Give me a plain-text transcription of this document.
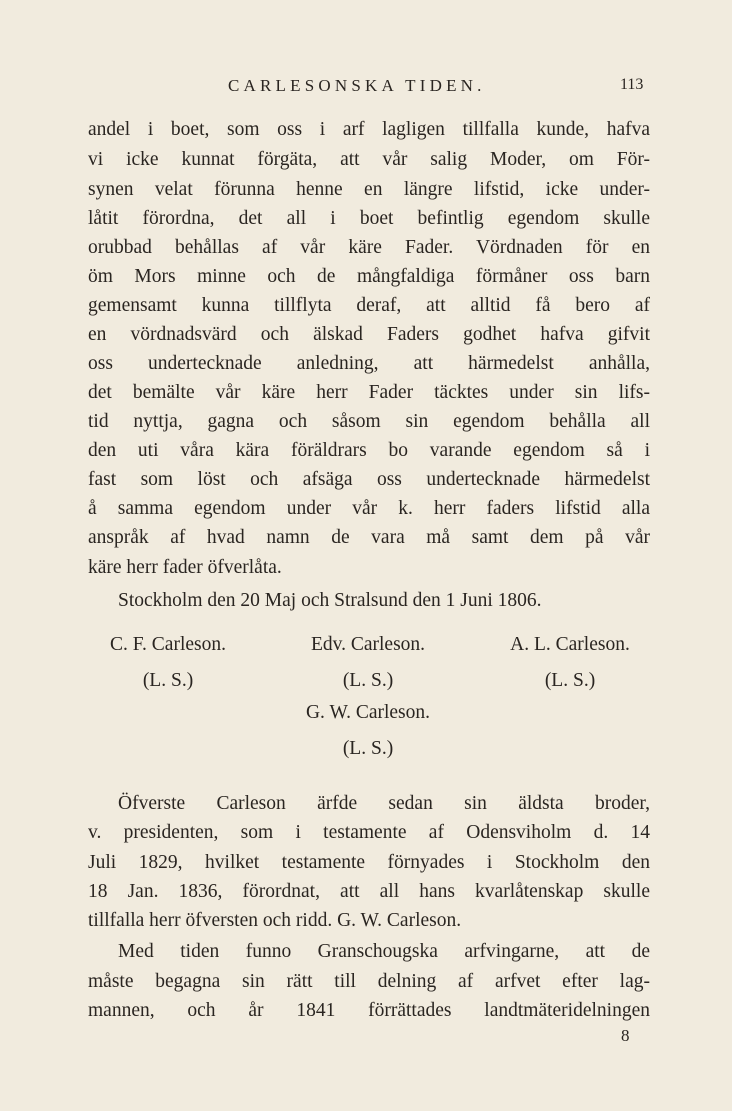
CARLESONSKA TIDEN.	113
andel i boet, som oss i arf lagligen tillfalla kunde, hafva
vi icke kunnat förgäta, att vår salig Moder, om För-
synen velat förunna henne en längre lifstid, icke under-
låtit förordna, det all i boet befintlig egendom skulle
orubbad behållas af vår käre Fader. Vördnaden för en
öm Mors minne och de mångfaldiga förmåner oss barn
gemensamt kunna tillflyta deraf, att alltid få bero af
en vördnadsvärd och älskad Faders godhet hafva gifvit
oss undertecknade anledning, att härmedelst anhålla,
det bemälte vår käre herr Fader täcktes under sin lifs-
tid nyttja, gagna och såsom sin egendom behålla all
den uti våra kära föräldrars bo varande egendom så i
fast som löst och afsäga oss undertecknade härmedelst
å samma egendom under vår k. herr faders lifstid alla
anspråk af hvad namn de vara må samt dem på vår
käre herr fader öfverlåta.
Stockholm den 20 Maj och Stralsund den 1 Juni 1806.
C. F. Carleson.
(L. S.)
Edv. Carleson.
(L. S.)
A. L. Carleson.
(L. S.)
G. W. Carleson.
(L. S.)
Öfverste Carleson ärfde sedan sin äldsta broder,
v. presidenten, som i testamente af Odensviholm d. 14
Juli 1829, hvilket testamente förnyades i Stockholm den
18 Jan. 1836, förordnat, att all hans kvarlåtenskap skulle
tillfalla herr öfversten och ridd. G. W. Carleson.
Med tiden funno Granschougska arfvingarne, att de
måste begagna sin rätt till delning af arfvet efter lag-
mannen, och år 1841 förrättades landtmäteridelningen
8
